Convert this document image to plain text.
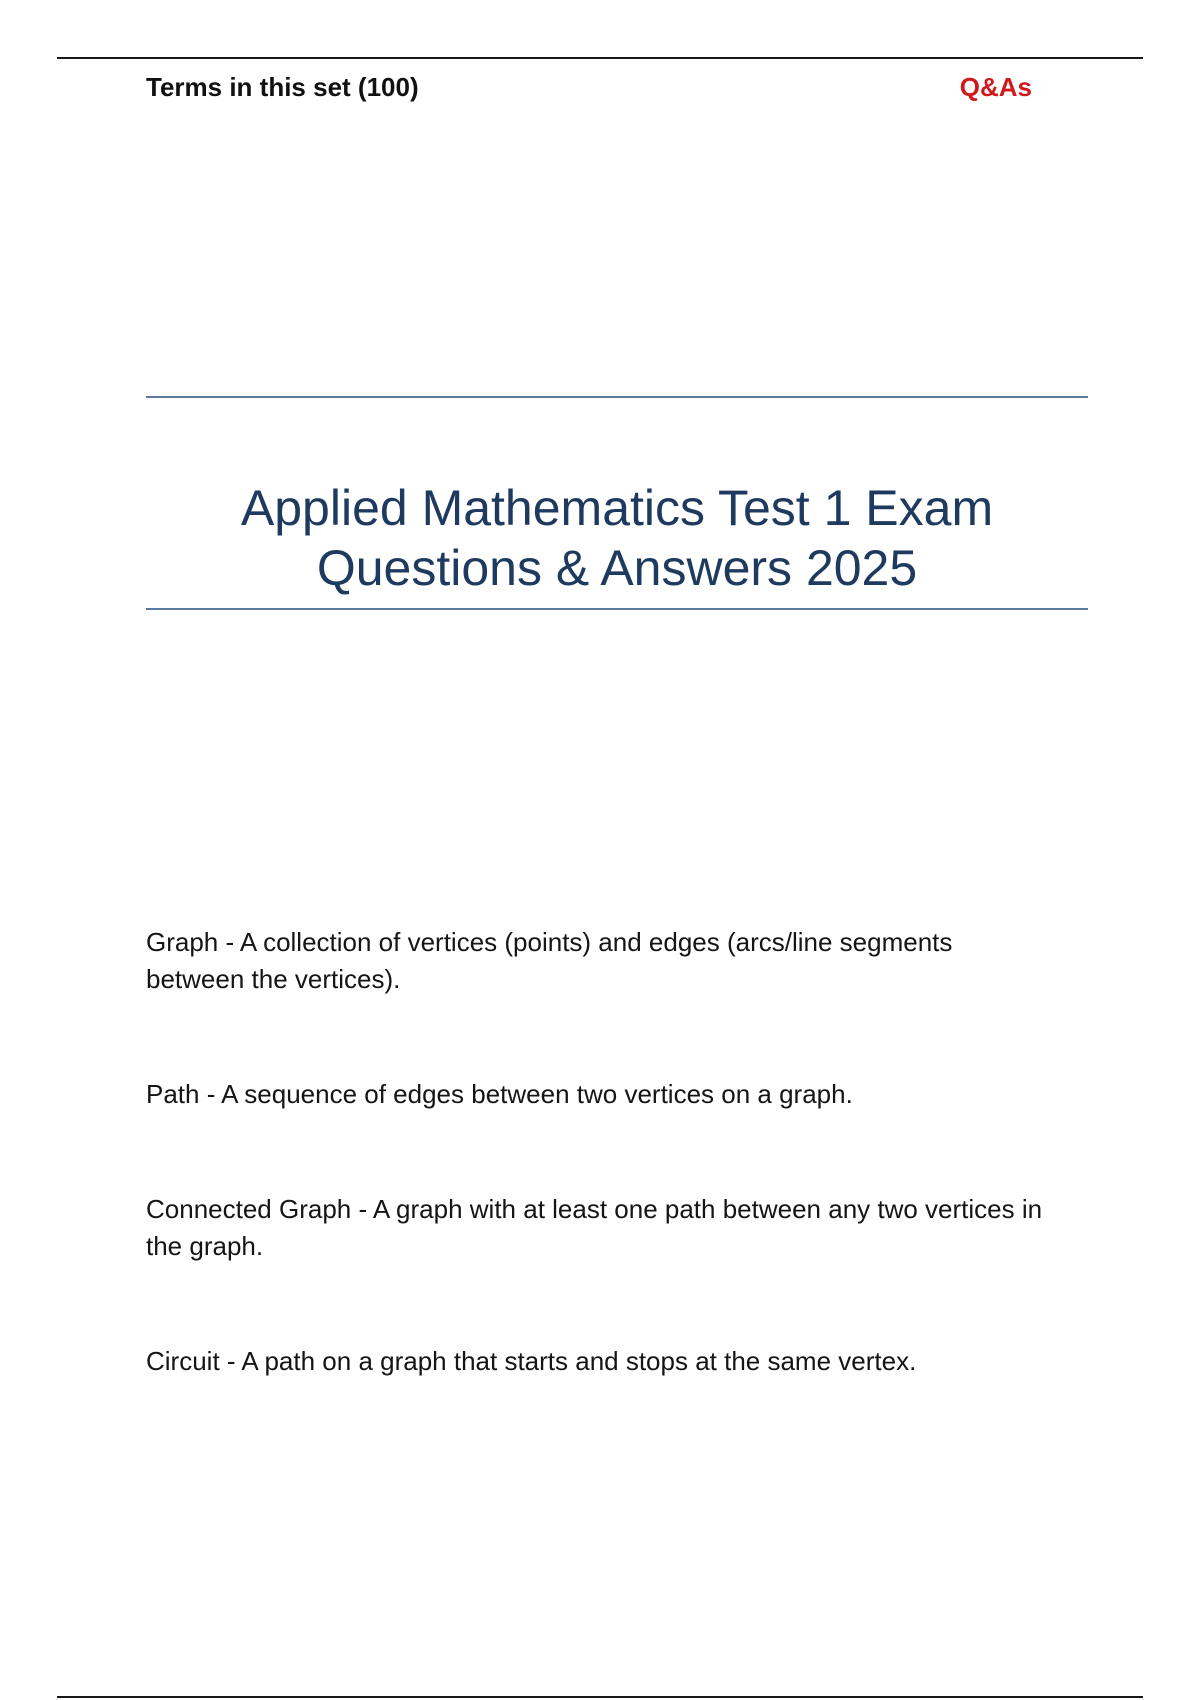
Terms in this set (100)	Q&As
Applied Mathematics Test 1 Exam
Questions & Answers 2025

Graph - A collection of vertices (points) and edges (arcs/line segments between the vertices).

Path - A sequence of edges between two vertices on a graph.

Connected Graph - A graph with at least one path between any two vertices in the graph.

Circuit - A path on a graph that starts and stops at the same vertex.
